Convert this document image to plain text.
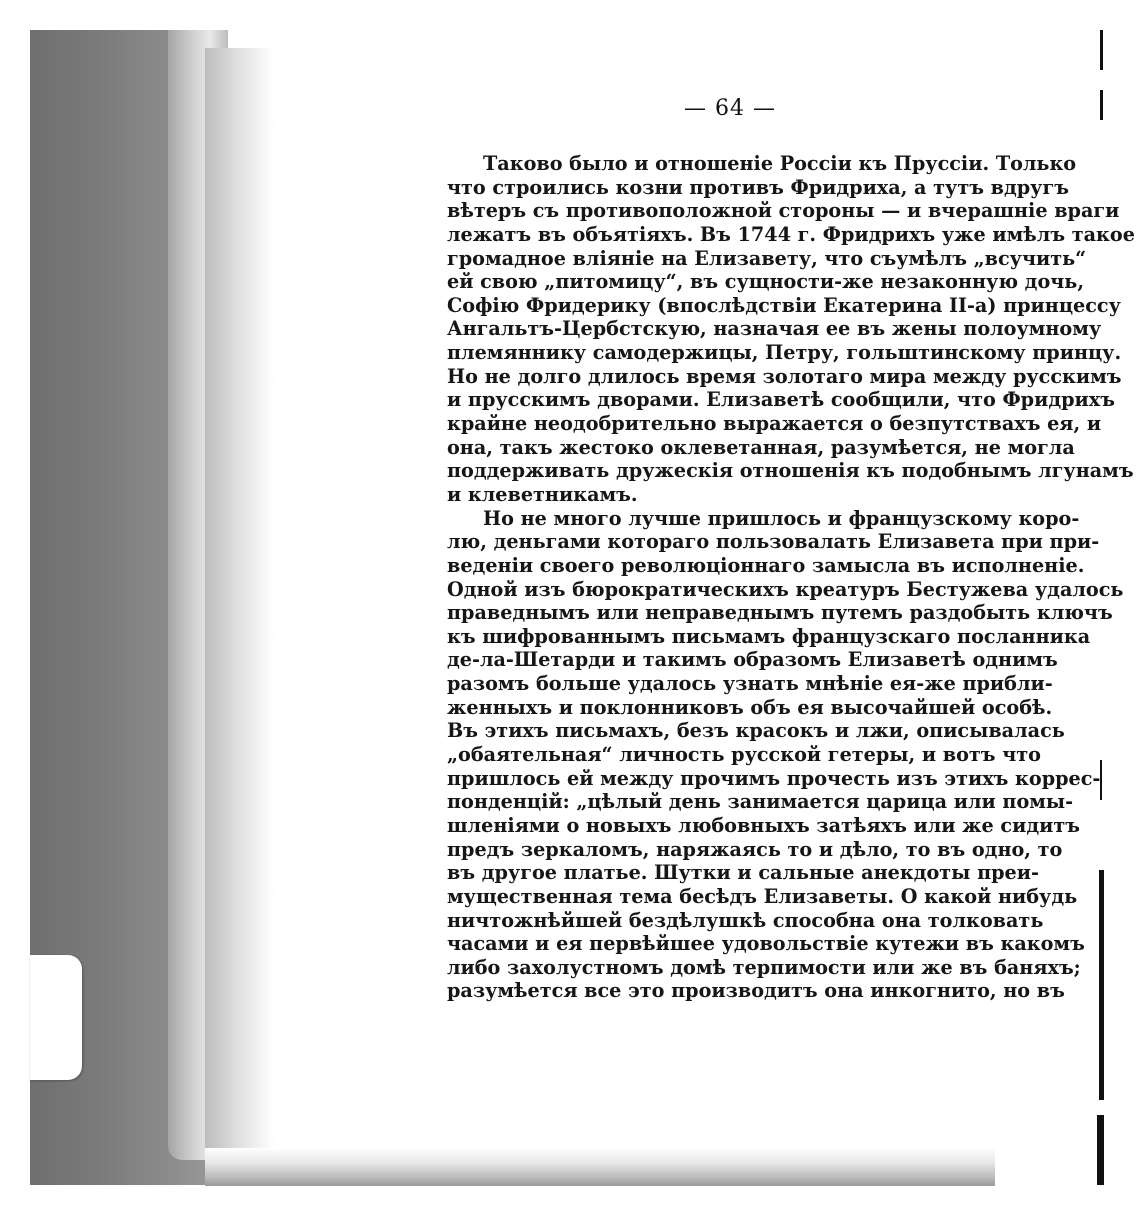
— 64 —
Таково было и отношеніе Россіи къ Пруссіи. Только
что строились козни противъ Фридриха, а тутъ вдругъ
вѣтеръ съ противоположной стороны — и вчерашніе враги
лежатъ въ объятіяхъ. Въ 1744 г. Фридрихъ уже имѣлъ такое
громадное вліяніе на Елизавету, что съумѣлъ „всучить“
ей свою „питомицу“, въ сущности-же незаконную дочь,
Софію Фридерику (впослѣдствіи Екатерина II-а) принцессу
Ангальтъ-Цербстскую, назначая ее въ жены полоумному
племяннику самодержицы, Петру, гольштинскому принцу.
Но не долго длилось время золотаго мира между русскимъ
и прусскимъ дворами. Елизаветѣ сообщили, что Фридрихъ
крайне неодобрительно выражается о безпутствахъ ея, и
она, такъ жестоко оклеветанная, разумѣется, не могла
поддерживать дружескія отношенія къ подобнымъ лгунамъ
и клеветникамъ.
Но не много лучше пришлось и французскому коро-
лю, деньгами котораго пользовалать Елизавета при при-
веденіи своего революціоннаго замысла въ исполненіе.
Одной изъ бюрократическихъ креатуръ Бестужева удалось
праведнымъ или неправеднымъ путемъ раздобыть ключъ
къ шифрованнымъ письмамъ французскаго посланника
де-ла-Шетарди и такимъ образомъ Елизаветѣ однимъ
разомъ больше удалось узнать мнѣніе ея-же прибли-
женныхъ и поклонниковъ объ ея высочайшей особѣ.
Въ этихъ письмахъ, безъ красокъ и лжи, описывалась
„обаятельная“ личность русской гетеры, и вотъ что
пришлось ей между прочимъ прочесть изъ этихъ коррес-
понденцій: „цѣлый день занимается царица или помы-
шленіями о новыхъ любовныхъ затѣяхъ или же сидитъ
предъ зеркаломъ, наряжаясь то и дѣло, то въ одно, то
въ другое платье. Шутки и сальные анекдоты преи-
мущественная тема бесѣдъ Елизаветы. О какой нибудь
ничтожнѣйшей бездѣлушкѣ способна она толковать
часами и ея первѣйшее удовольствіе кутежи въ какомъ
либо захолустномъ домѣ терпимости или же въ баняхъ;
разумѣется все это производитъ она инкогнито, но въ
